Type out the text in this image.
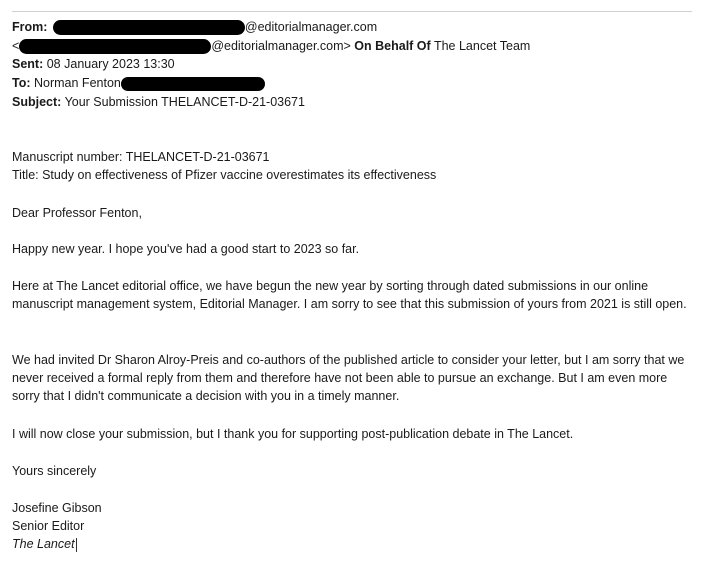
From:	@editorialmanager.com
<	@editorialmanager.com> On Behalf Of The Lancet Team
Sent: 08 January 2023 13:30
To: Norman Fenton
Subject: Your Submission THELANCET-D-21-03671
Manuscript number: THELANCET-D-21-03671
Title: Study on effectiveness of Pfizer vaccine overestimates its effectiveness
Dear Professor Fenton,
Happy new year. I hope you've had a good start to 2023 so far.
Here at The Lancet editorial office, we have begun the new year by sorting through dated submissions in our online manuscript management system, Editorial Manager. I am sorry to see that this submission of yours from 2021 is still open.
We had invited Dr Sharon Alroy-Preis and co-authors of the published article to consider your letter, but I am sorry that we never received a formal reply from them and therefore have not been able to pursue an exchange. But I am even more sorry that I didn't communicate a decision with you in a timely manner.
I will now close your submission, but I thank you for supporting post-publication debate in The Lancet.
Yours sincerely
Josefine Gibson
Senior Editor
The Lancet
